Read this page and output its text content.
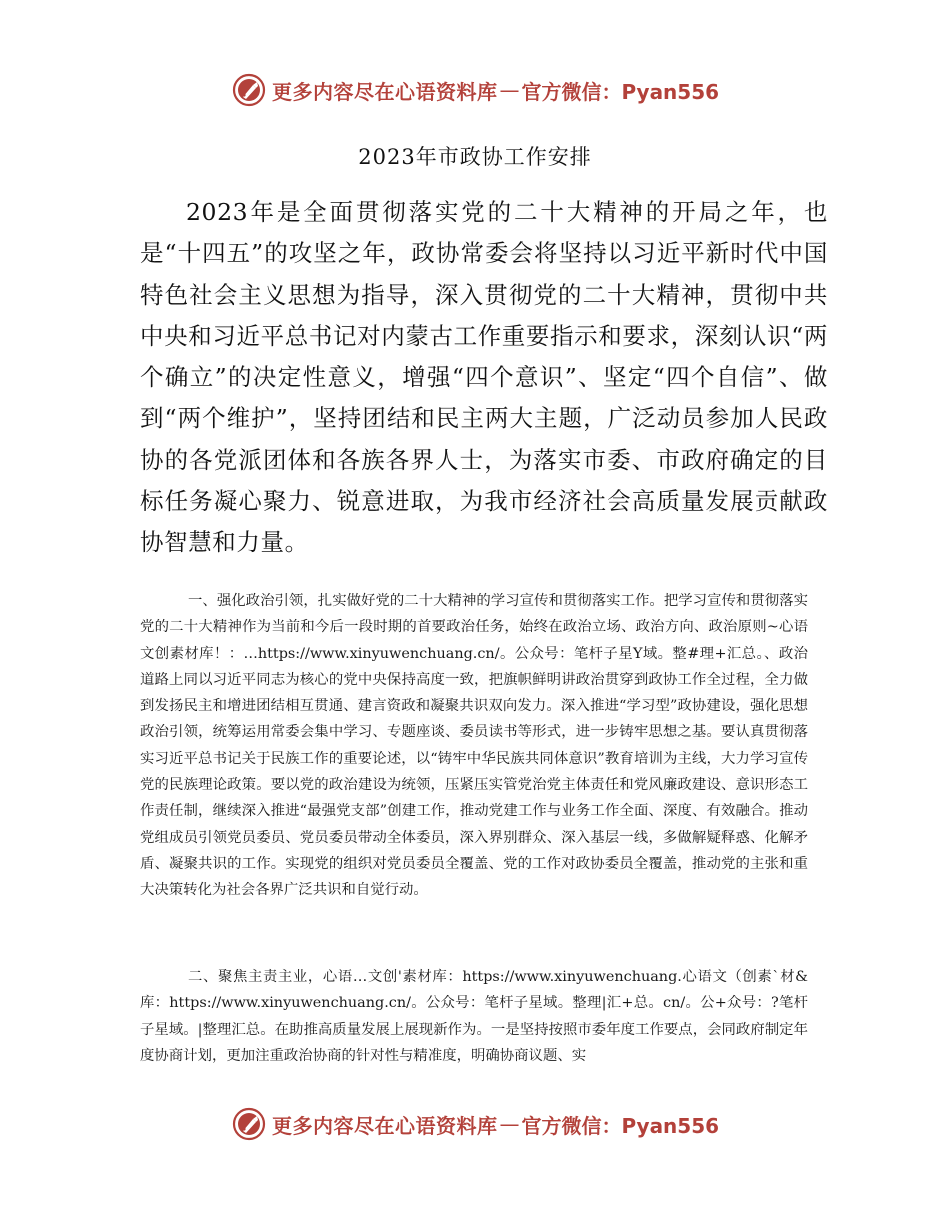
更多内容尽在心语资料库 — 官方微信：Pyan556
2023年市政协工作安排

2023年是全面贯彻落实党的二十大精神的开局之年，也是“十四五”的攻坚之年，政协常委会将坚持以习近平新时代中国特色社会主义思想为指导，深入贯彻党的二十大精神，贯彻中共中央和习近平总书记对内蒙古工作重要指示和要求，深刻认识“两个确立”的决定性意义，增强“四个意识”、坚定“四个自信”、做到“两个维护”，坚持团结和民主两大主题，广泛动员参加人民政协的各党派团体和各族各界人士，为落实市委、市政府确定的目标任务凝心聚力、锐意进取，为我市经济社会高质量发展贡献政协智慧和力量。

一、强化政治引领，扎实做好党的二十大精神的学习宣传和贯彻落实工作。把学习宣传和贯彻落实党的二十大精神作为当前和今后一段时期的首要政治任务，始终在政治立场、政治方向、政治原则~心语文创素材库！：…https://www.xinyuwenchuang.cn/。公众号：笔杆子星Y域。整#理+汇总。、政治道路上同以习近平同志为核心的党中央保持高度一致，把旗帜鲜明讲政治贯穿到政协工作全过程，全力做到发扬民主和增进团结相互贯通、建言资政和凝聚共识双向发力。深入推进“学习型”政协建设，强化思想政治引领，统筹运用常委会集中学习、专题座谈、委员读书等形式，进一步铸牢思想之基。要认真贯彻落实习近平总书记关于民族工作的重要论述，以“铸牢中华民族共同体意识”教育培训为主线，大力学习宣传党的民族理论政策。要以党的政治建设为统领，压紧压实管党治党主体责任和党风廉政建设、意识形态工作责任制，继续深入推进“最强党支部”创建工作，推动党建工作与业务工作全面、深度、有效融合。推动党组成员引领党员委员、党员委员带动全体委员，深入界别群众、深入基层一线，多做解疑释惑、化解矛盾、凝聚共识的工作。实现党的组织对党员委员全覆盖、党的工作对政协委员全覆盖，推动党的主张和重大决策转化为社会各界广泛共识和自觉行动。

二、聚焦主责主业，心语…文创'素材库：https://www.xinyuwenchuang.心语文（创素`材&库：https://www.xinyuwenchuang.cn/。公众号：笔杆子星域。整理|汇+总。cn/。公+众号：?笔杆子星域。|整理汇总。在助推高质量发展上展现新作为。一是坚持按照市委年度工作要点，会同政府制定年度协商计划，更加注重政治协商的针对性与精准度，明确协商议题、实

更多内容尽在心语资料库 — 官方微信：Pyan556
